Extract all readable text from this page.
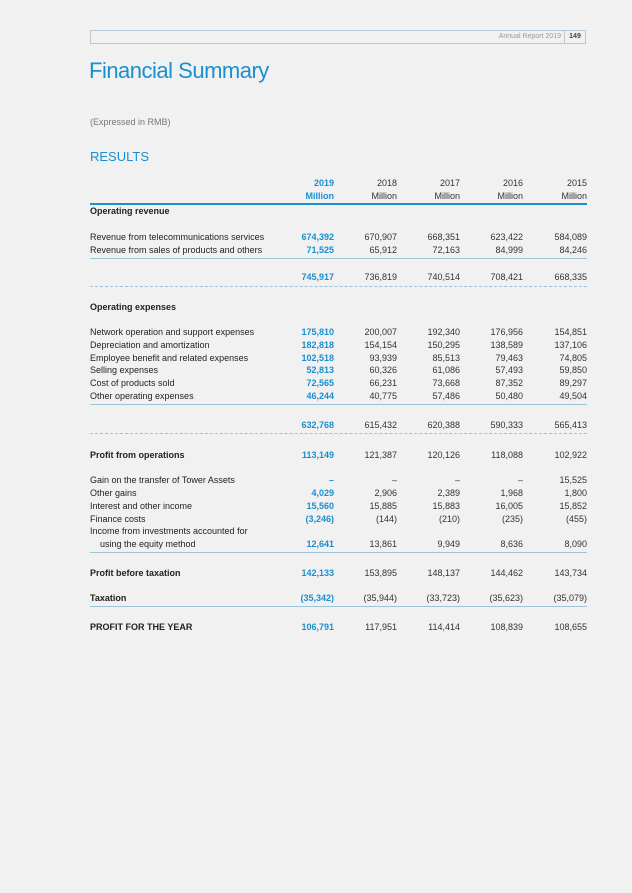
Annual Report 2019	149
Financial Summary
(Expressed in RMB)
RESULTS
2019	2018	2017	2016	2015
Million	Million	Million	Million	Million
Operating revenue
Revenue from telecommunications services	674,392	670,907	668,351	623,422	584,089
Revenue from sales of products and others	71,525	65,912	72,163	84,999	84,246
745,917	736,819	740,514	708,421	668,335
Operating expenses
Network operation and support expenses	175,810	200,007	192,340	176,956	154,851
Depreciation and amortization	182,818	154,154	150,295	138,589	137,106
Employee benefit and related expenses	102,518	93,939	85,513	79,463	74,805
Selling expenses	52,813	60,326	61,086	57,493	59,850
Cost of products sold	72,565	66,231	73,668	87,352	89,297
Other operating expenses	46,244	40,775	57,486	50,480	49,504
632,768	615,432	620,388	590,333	565,413
Profit from operations	113,149	121,387	120,126	118,088	102,922
Gain on the transfer of Tower Assets	–	–	–	–	15,525
Other gains	4,029	2,906	2,389	1,968	1,800
Interest and other income	15,560	15,885	15,883	16,005	15,852
Finance costs	(3,246)	(144)	(210)	(235)	(455)
Income from investments accounted for
using the equity method	12,641	13,861	9,949	8,636	8,090
Profit before taxation	142,133	153,895	148,137	144,462	143,734
Taxation	(35,342)	(35,944)	(33,723)	(35,623)	(35,079)
PROFIT FOR THE YEAR	106,791	117,951	114,414	108,839	108,655
